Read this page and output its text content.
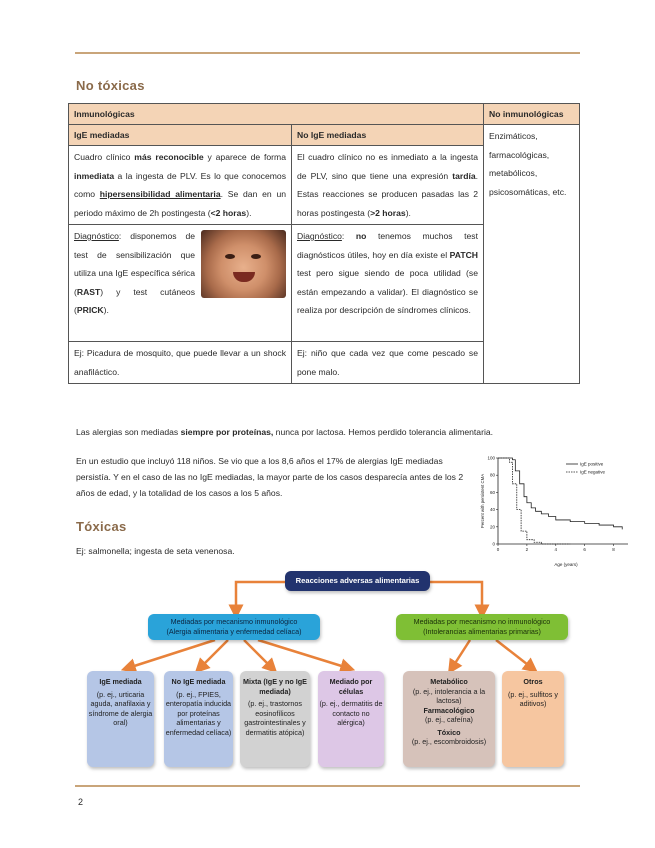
No tóxicas
Inmunológicas		No inmunológicas
IgE mediadas	No IgE mediadas	Enzimáticos, farmacológicas, metabólicos, psicosomáticas, etc.
Cuadro clínico más reconocible y aparece de forma inmediata a la ingesta de PLV. Es lo que conocemos como hipersensibilidad alimentaria. Se dan en un periodo máximo de 2h postingesta (<2 horas).	El cuadro clínico no es inmediato a la ingesta de PLV, sino que tiene una expresión tardía. Estas reacciones se producen pasadas las 2 horas postingesta (>2 horas).	

Diagnóstico: disponemos de test de sensibilización que utiliza una IgE específica sérica (RAST) y test cutáneos (PRICK).	Diagnóstico: no tenemos muchos test diagnósticos útiles, hoy en día existe el PATCH test pero sigue siendo de poca utilidad (se están empezando a validar). El diagnóstico se realiza por descripción de síndromes clínicos.	
Ej: Picadura de mosquito, que puede llevar a un shock anafiláctico.	Ej: niño que cada vez que come pescado se pone malo.	
Las alergias son mediadas siempre por proteínas, nunca por lactosa. Hemos perdido tolerancia alimentaria.
En un estudio que incluyó 118 niños. Se vio que a los 8,6 años el 17% de alergias IgE mediadas persistía. Y en el caso de las no IgE mediadas, la mayor parte de los casos desparecía antes de los 2 años de edad, y la totalidad de los casos a los 5 años.
0
20
40
60
80
100
0	2	4	6	8
IgE positive
IgE negative
Age (years)
Percent with persistent CMA
Tóxicas
Ej: salmonella; ingesta de seta venenosa.
Reacciones adversas alimentarias
Mediadas por mecanismo inmunológico
(Alergia alimentaria y enfermedad celíaca)
Mediadas por mecanismo no inmunológico
(Intolerancias alimentarias primarias)
IgE mediada
(p. ej., urticaria aguda, anafilaxia y síndrome de alergia oral)
No IgE mediada
(p. ej., FPIES, enteropatía inducida por proteínas alimentarias y enfermedad celíaca)
Mixta (IgE y no IgE mediada)
(p. ej., trastornos eosinofílicos gastrointestinales y dermatitis atópica)
Mediado por células
(p. ej., dermatitis de contacto no alérgica)
Metabólico
(p. ej., intolerancia a la lactosa)
Farmacológico
(p. ej., cafeína)
Tóxico
(p. ej., escombroidosis)
Otros
(p. ej., sulfitos y aditivos)
2
